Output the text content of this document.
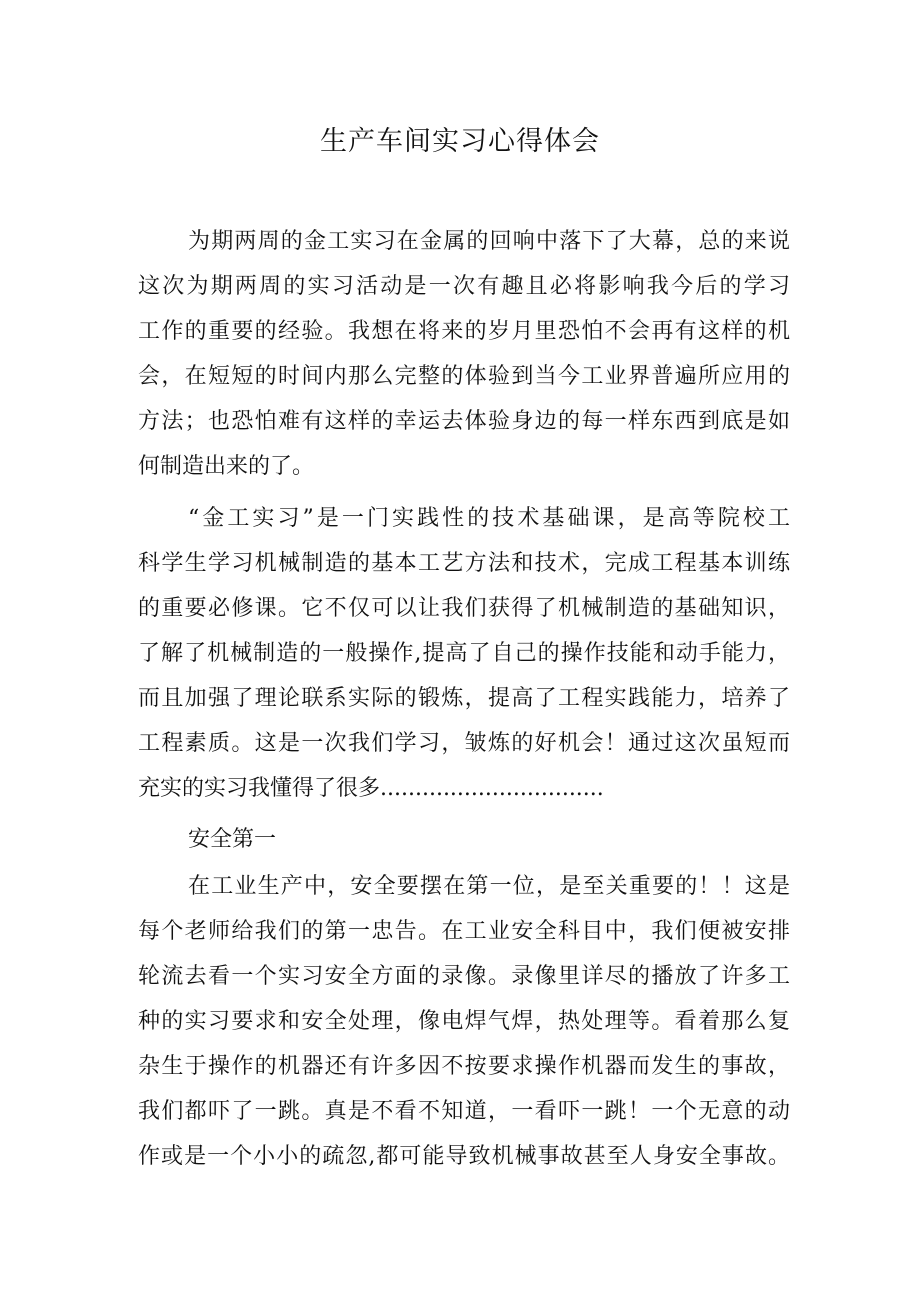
生产车间实习心得体会
为期两周的金工实习在金属的回响中落下了大幕，总的来说
这次为期两周的实习活动是一次有趣且必将影响我今后的学习
工作的重要的经验。我想在将来的岁月里恐怕不会再有这样的机
会，在短短的时间内那么完整的体验到当今工业界普遍所应用的
方法；也恐怕难有这样的幸运去体验身边的每一样东西到底是如
何制造出来的了。
“金工实习”是一门实践性的技术基础课，是高等院校工
科学生学习机械制造的基本工艺方法和技术，完成工程基本训练
的重要必修课。它不仅可以让我们获得了机械制造的基础知识，
了解了机械制造的一般操作,提高了自己的操作技能和动手能力，
而且加强了理论联系实际的锻炼，提高了工程实践能力，培养了
工程素质。这是一次我们学习，皱炼的好机会！通过这次虽短而
充实的实习我懂得了很多................................
安全第一
在工业生产中，安全要摆在第一位，是至关重要的！！这是
每个老师给我们的第一忠告。在工业安全科目中，我们便被安排
轮流去看一个实习安全方面的录像。录像里详尽的播放了许多工
种的实习要求和安全处理，像电焊气焊，热处理等。看着那么复
杂生于操作的机器还有许多因不按要求操作机器而发生的事故，
我们都吓了一跳。真是不看不知道，一看吓一跳！一个无意的动
作或是一个小小的疏忽,都可能导致机械事故甚至人身安全事故。
